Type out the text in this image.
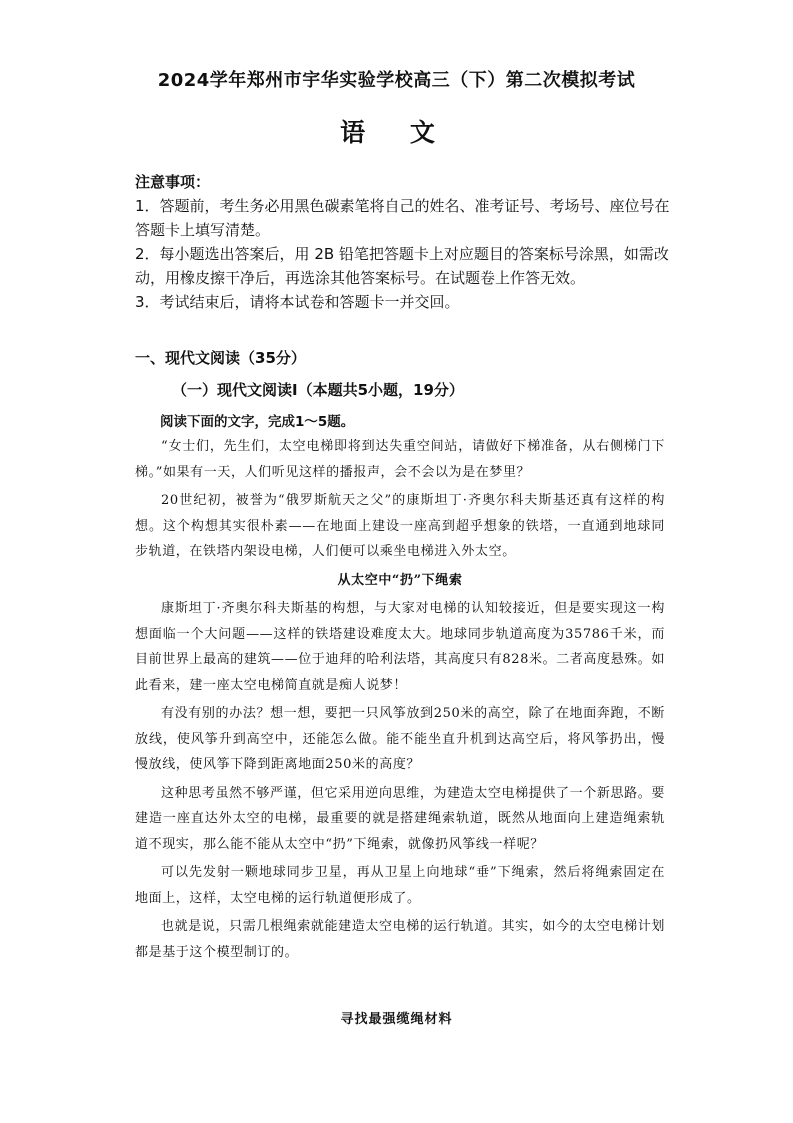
2024学年郑州市宇华实验学校高三（下）第二次模拟考试
语 文

注意事项：

1．答题前，考生务必用黑色碳素笔将自己的姓名、准考证号、考场号、座位号在答题卡上填写清楚。

2．每小题选出答案后，用 2B 铅笔把答题卡上对应题目的答案标号涂黑，如需改动，用橡皮擦干净后，再选涂其他答案标号。在试题卷上作答无效。

3．考试结束后，请将本试卷和答题卡一并交回。

一、现代文阅读（35分）
（一）现代文阅读Ⅰ（本题共5小题，19分）
阅读下面的文字，完成1～5题。

“女士们，先生们，太空电梯即将到达失重空间站，请做好下梯准备，从右侧梯门下梯。”如果有一天，人们听见这样的播报声，会不会以为是在梦里？

20世纪初，被誉为“俄罗斯航天之父”的康斯坦丁·齐奥尔科夫斯基还真有这样的构想。这个构想其实很朴素——在地面上建设一座高到超乎想象的铁塔，一直通到地球同步轨道，在铁塔内架设电梯，人们便可以乘坐电梯进入外太空。

从太空中“扔”下绳索

康斯坦丁·齐奥尔科夫斯基的构想，与大家对电梯的认知较接近，但是要实现这一构想面临一个大问题——这样的铁塔建设难度太大。地球同步轨道高度为35786千米，而目前世界上最高的建筑——位于迪拜的哈利法塔，其高度只有828米。二者高度悬殊。如此看来，建一座太空电梯简直就是痴人说梦！

有没有别的办法？想一想，要把一只风筝放到250米的高空，除了在地面奔跑，不断放线，使风筝升到高空中，还能怎么做。能不能坐直升机到达高空后，将风筝扔出，慢慢放线，使风筝下降到距离地面250米的高度？

这种思考虽然不够严谨，但它采用逆向思维，为建造太空电梯提供了一个新思路。要建造一座直达外太空的电梯，最重要的就是搭建绳索轨道，既然从地面向上建造绳索轨道不现实，那么能不能从太空中“扔”下绳索，就像扔风筝线一样呢？

可以先发射一颗地球同步卫星，再从卫星上向地球“垂”下绳索，然后将绳索固定在地面上，这样，太空电梯的运行轨道便形成了。

也就是说，只需几根绳索就能建造太空电梯的运行轨道。其实，如今的太空电梯计划都是基于这个模型制订的。

寻找最强缆绳材料
